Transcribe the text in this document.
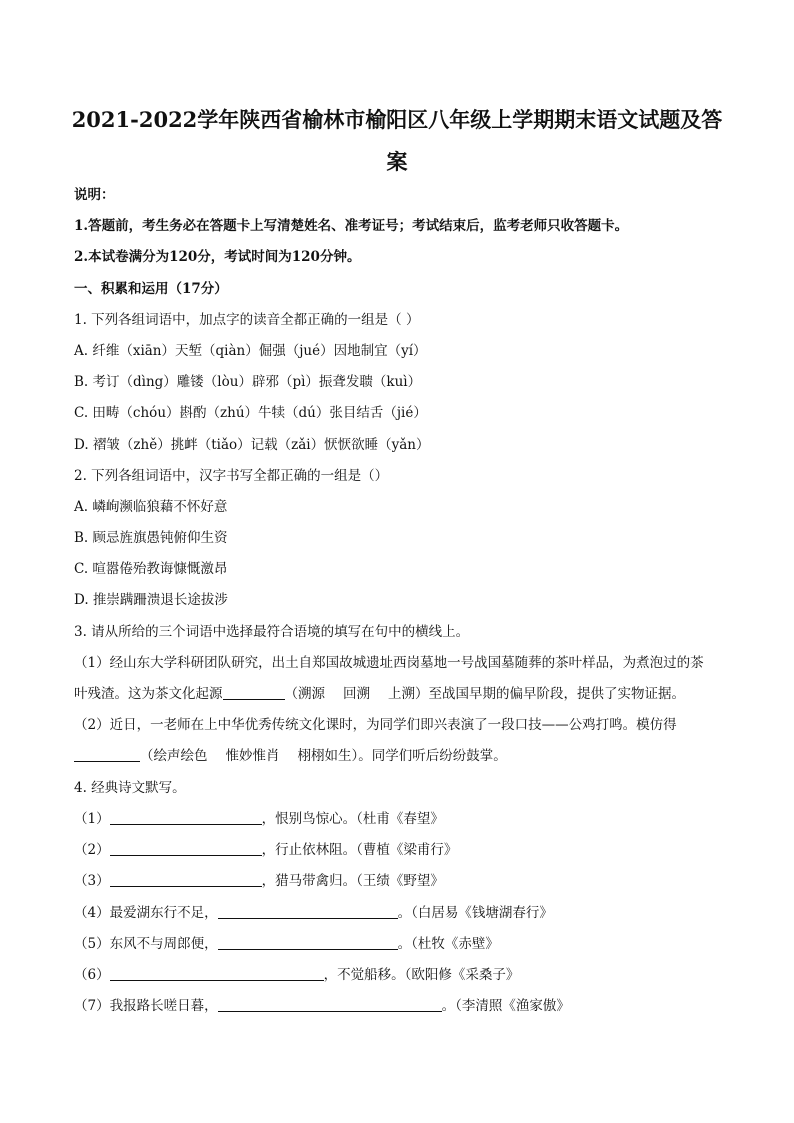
2021-2022学年陕西省榆林市榆阳区八年级上学期期末语文试题及答
案
说明：
1.答题前，考生务必在答题卡上写清楚姓名、准考证号；考试结束后，监考老师只收答题卡。
2.本试卷满分为120分，考试时间为120分钟。
一、积累和运用（17分）
1. 下列各组词语中，加点字的读音全都正确的一组是（ ）
A. 纤维（xiān）天堑（qiàn）倔强（jué）因地制宜（yí）
B. 考订（dìng）雕镂（lòu）辟邪（pì）振聋发聩（kuì）
C. 田畴（chóu）斟酌（zhú）牛犊（dú）张目结舌（jié）
D. 褶皱（zhě）挑衅（tiǎo）记载（zǎi）恹恹欲睡（yǎn）
2. 下列各组词语中，汉字书写全都正确的一组是（）
A. 嶙峋濒临狼藉不怀好意
B. 顾忌旌旗愚钝俯仰生资
C. 喧嚣倦殆教诲慷慨激昂
D. 推崇蹒跚溃退长途拔涉
3. 请从所给的三个词语中选择最符合语境的填写在句中的横线上。
（1）经山东大学科研团队研究，出土自郑国故城遗址西岗墓地一号战国墓随葬的茶叶样品，为煮泡过的茶
叶残渣。这为茶文化起源	（溯源 回溯 上溯）至战国早期的偏早阶段，提供了实物证据。
（2）近日，一老师在上中华优秀传统文化课时，为同学们即兴表演了一段口技——公鸡打鸣。模仿得
（绘声绘色 惟妙惟肖 栩栩如生）。同学们听后纷纷鼓掌。
4. 经典诗文默写。
（1）	，恨别鸟惊心。（杜甫《春望》
（2）	，行止依林阻。（曹植《梁甫行》
（3）	，猎马带禽归。（王绩《野望》
（4）最爱湖东行不足，	。（白居易《钱塘湖春行》
（5）东风不与周郎便，	。（杜牧《赤壁》
（6）	，不觉船移。（欧阳修《采桑子》
（7）我报路长嗟日暮，	。（李清照《渔家傲》
